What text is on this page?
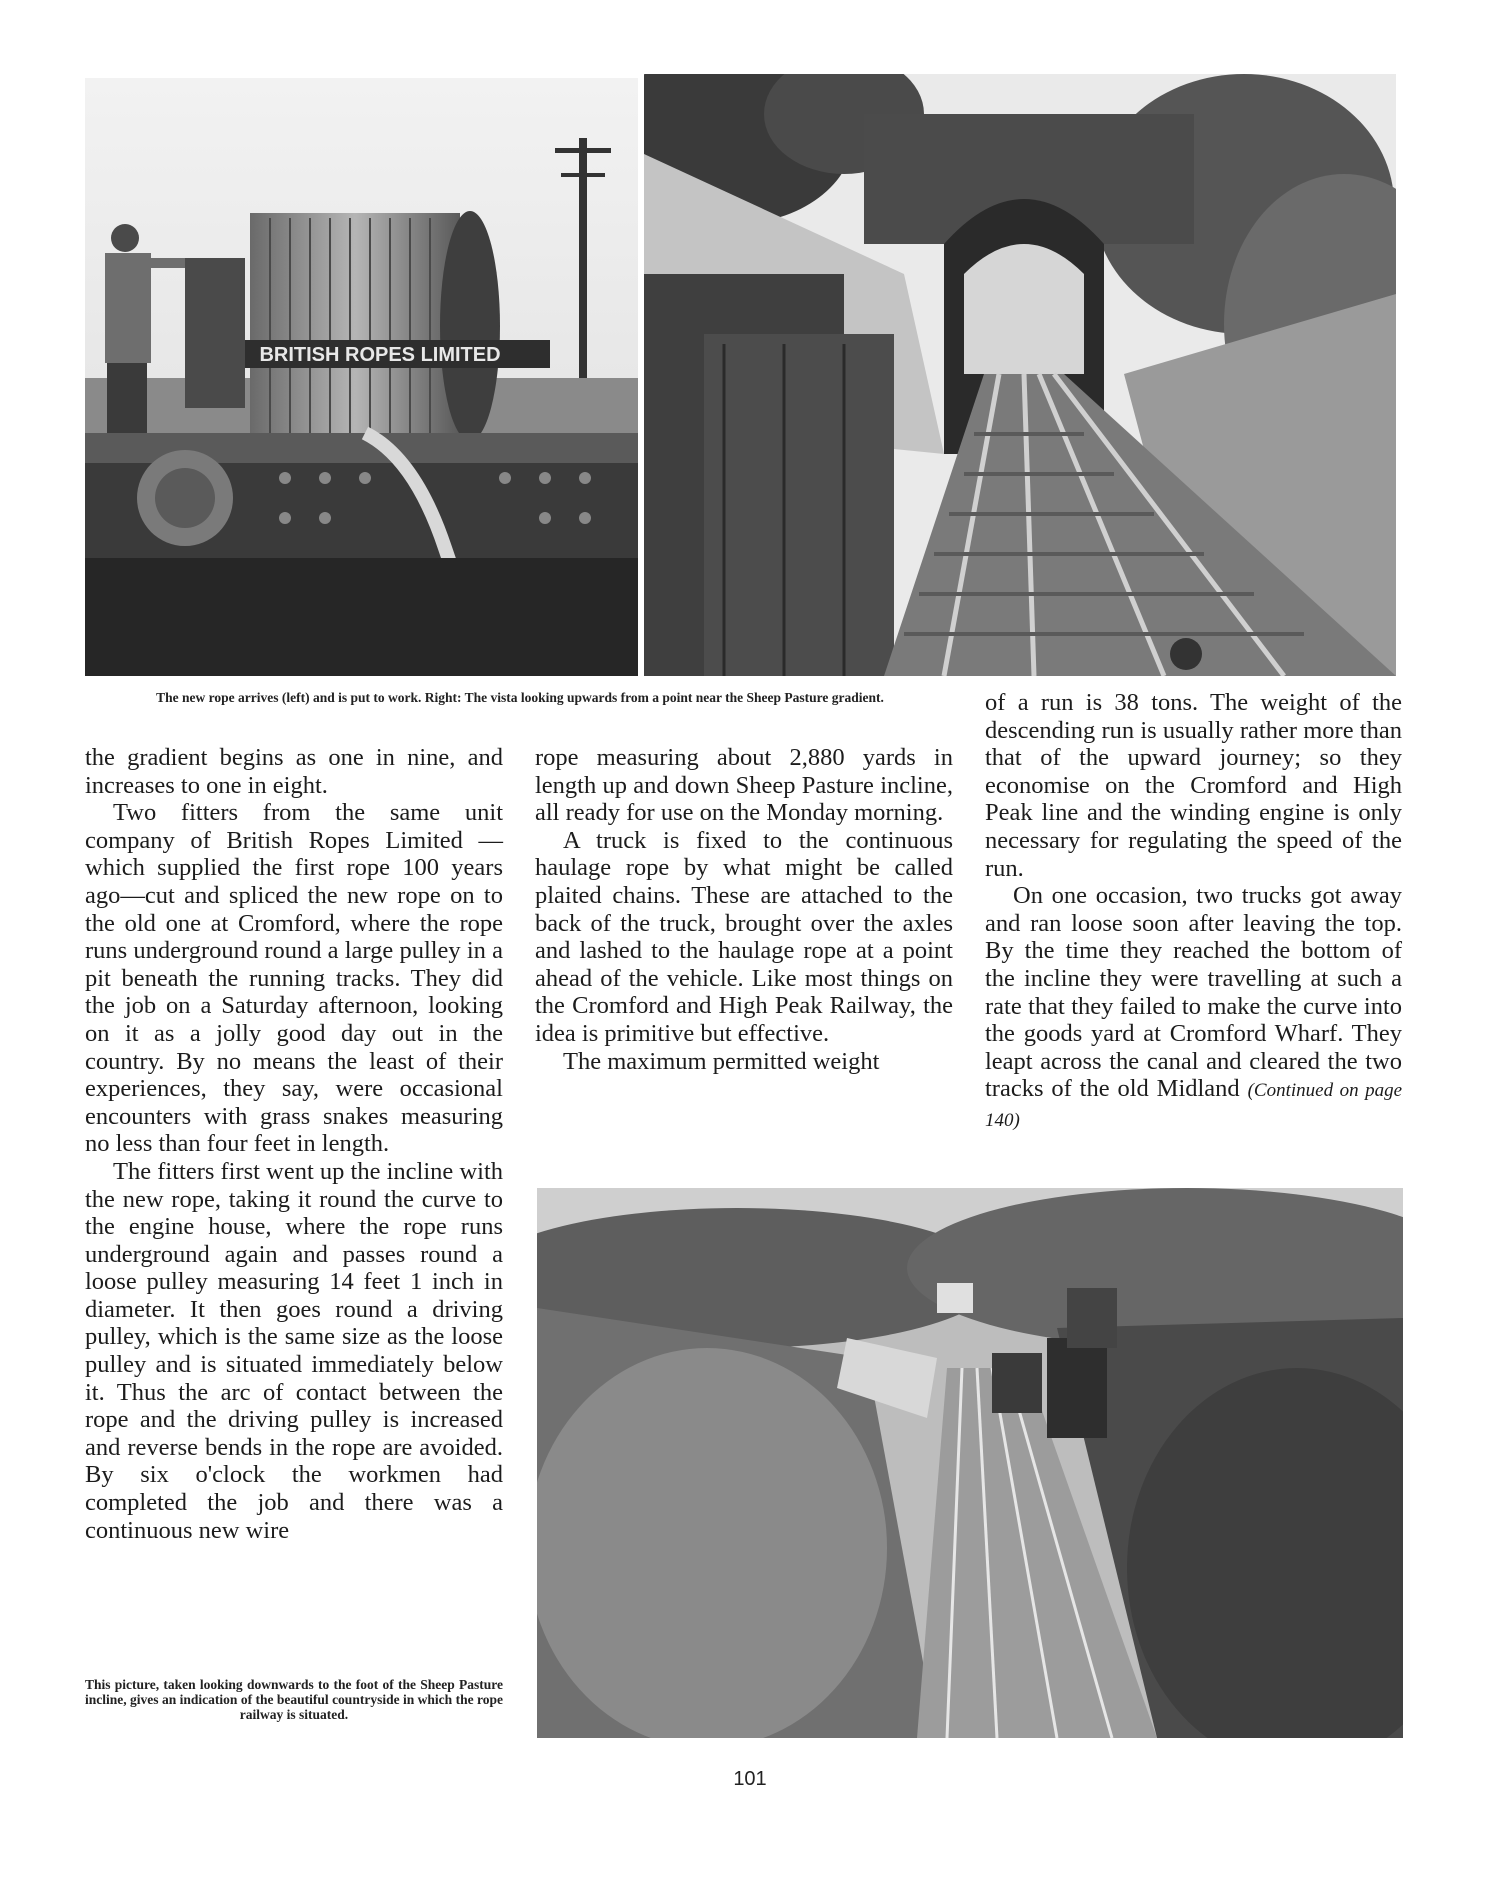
BRITISH ROPES LIMITED
The new rope arrives (left) and is put to work. Right: The vista looking upwards from a point near the Sheep Pasture gradient.

the gradient begins as one in nine, and increases to one in eight.

Two fitters from the same unit company of British Ropes Limited —which supplied the first rope 100 years ago—cut and spliced the new rope on to the old one at Cromford, where the rope runs underground round a large pulley in a pit beneath the running tracks. They did the job on a Saturday afternoon, looking on it as a jolly good day out in the country. By no means the least of their experiences, they say, were occasional encounters with grass snakes measuring no less than four feet in length.

The fitters first went up the incline with the new rope, taking it round the curve to the engine house, where the rope runs underground again and passes round a loose pulley measuring 14 feet 1 inch in diameter. It then goes round a driving pulley, which is the same size as the loose pulley and is situated immediately below it. Thus the arc of contact between the rope and the driving pulley is increased and reverse bends in the rope are avoided. By six o'clock the workmen had completed the job and there was a continuous new wire

rope measuring about 2,880 yards in length up and down Sheep Pasture incline, all ready for use on the Monday morning.

A truck is fixed to the continuous haulage rope by what might be called plaited chains. These are attached to the back of the truck, brought over the axles and lashed to the haulage rope at a point ahead of the vehicle. Like most things on the Cromford and High Peak Railway, the idea is primitive but effective.

The maximum permitted weight

of a run is 38 tons. The weight of the descending run is usually rather more than that of the upward journey; so they economise on the Cromford and High Peak line and the winding engine is only necessary for regulating the speed of the run.

On one occasion, two trucks got away and ran loose soon after leaving the top. By the time they reached the bottom of the incline they were travelling at such a rate that they failed to make the curve into the goods yard at Cromford Wharf. They leapt across the canal and cleared the two tracks of the old Midland (Continued on page 140)

This picture, taken looking downwards to the foot of the Sheep Pasture incline, gives an indication of the beautiful countryside in which the rope railway is situated.
101
